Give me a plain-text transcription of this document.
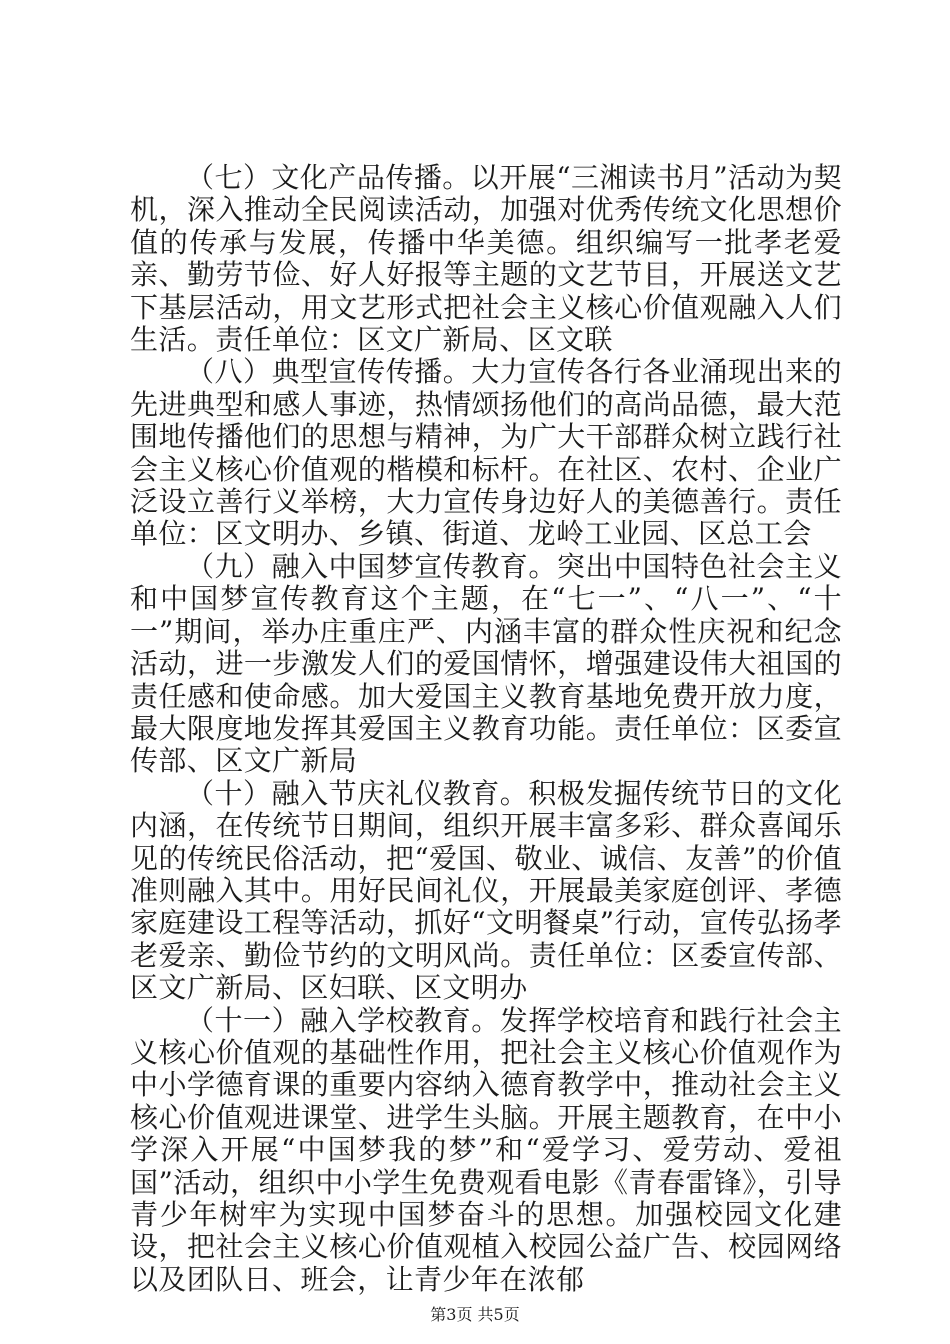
（七）文化产品传播。以开展“三湘读书月”活动为契机，深入推动全民阅读活动，加强对优秀传统文化思想价值的传承与发展，传播中华美德。组织编写一批孝老爱亲、勤劳节俭、好人好报等主题的文艺节目，开展送文艺下基层活动，用文艺形式把社会主义核心价值观融入人们生活。责任单位：区文广新局、区文联

（八）典型宣传传播。大力宣传各行各业涌现出来的先进典型和感人事迹，热情颂扬他们的高尚品德，最大范围地传播他们的思想与精神，为广大干部群众树立践行社会主义核心价值观的楷模和标杆。在社区、农村、企业广泛设立善行义举榜，大力宣传身边好人的美德善行。责任单位：区文明办、乡镇、街道、龙岭工业园、区总工会

（九）融入中国梦宣传教育。突出中国特色社会主义和中国梦宣传教育这个主题，在“七一”、“八一”、“十一”期间，举办庄重庄严、内涵丰富的群众性庆祝和纪念活动，进一步激发人们的爱国情怀，增强建设伟大祖国的责任感和使命感。加大爱国主义教育基地免费开放力度，最大限度地发挥其爱国主义教育功能。责任单位：区委宣传部、区文广新局

（十）融入节庆礼仪教育。积极发掘传统节日的文化内涵，在传统节日期间，组织开展丰富多彩、群众喜闻乐见的传统民俗活动，把“爱国、敬业、诚信、友善”的价值准则融入其中。用好民间礼仪，开展最美家庭创评、孝德家庭建设工程等活动，抓好“文明餐桌”行动，宣传弘扬孝老爱亲、勤俭节约的文明风尚。责任单位：区委宣传部、区文广新局、区妇联、区文明办

（十一）融入学校教育。发挥学校培育和践行社会主义核心价值观的基础性作用，把社会主义核心价值观作为中小学德育课的重要内容纳入德育教学中，推动社会主义核心价值观进课堂、进学生头脑。开展主题教育，在中小学深入开展“中国梦我的梦”和“爱学习、爱劳动、爱祖国”活动，组织中小学生免费观看电影《青春雷锋》，引导青少年树牢为实现中国梦奋斗的思想。加强校园文化建设，把社会主义核心价值观植入校园公益广告、校园网络以及团队日、班会，让青少年在浓郁

第3页 共5页
